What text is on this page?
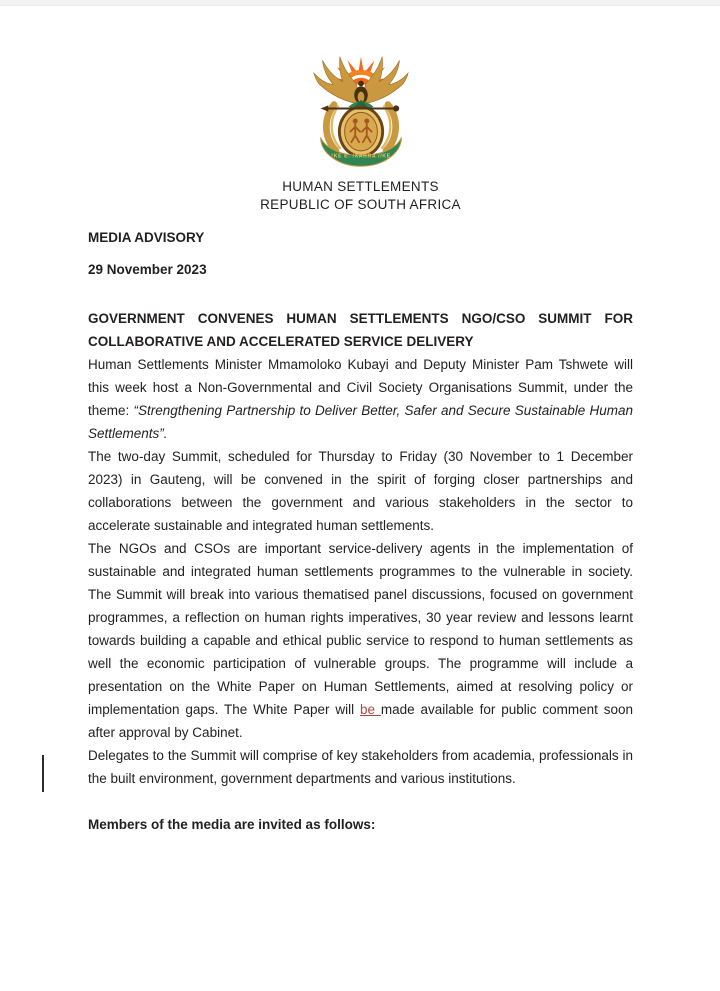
!KE E: /XARRA //KE
HUMAN SETTLEMENTS
REPUBLIC OF SOUTH AFRICA
MEDIA ADVISORY
29 November 2023
GOVERNMENT CONVENES HUMAN SETTLEMENTS NGO/CSO SUMMIT FOR COLLABORATIVE AND ACCELERATED SERVICE DELIVERY

Human Settlements Minister Mmamoloko Kubayi and Deputy Minister Pam Tshwete will this week host a Non-Governmental and Civil Society Organisations Summit, under the theme: “Strengthening Partnership to Deliver Better, Safer and Secure Sustainable Human Settlements”.

The two-day Summit, scheduled for Thursday to Friday (30 November to 1 December 2023) in Gauteng, will be convened in the spirit of forging closer partnerships and collaborations between the government and various stakeholders in the sector to accelerate sustainable and integrated human settlements.

The NGOs and CSOs are important service-delivery agents in the implementation of sustainable and integrated human settlements programmes to the vulnerable in society. The Summit will break into various thematised panel discussions, focused on government programmes, a reflection on human rights imperatives, 30 year review and lessons learnt towards building a capable and ethical public service to respond to human settlements as well the economic participation of vulnerable groups. The programme will include a presentation on the White Paper on Human Settlements, aimed at resolving policy or implementation gaps. The White Paper will be made available for public comment soon after approval by Cabinet.

Delegates to the Summit will comprise of key stakeholders from academia, professionals in the built environment, government departments and various institutions.

Members of the media are invited as follows:
